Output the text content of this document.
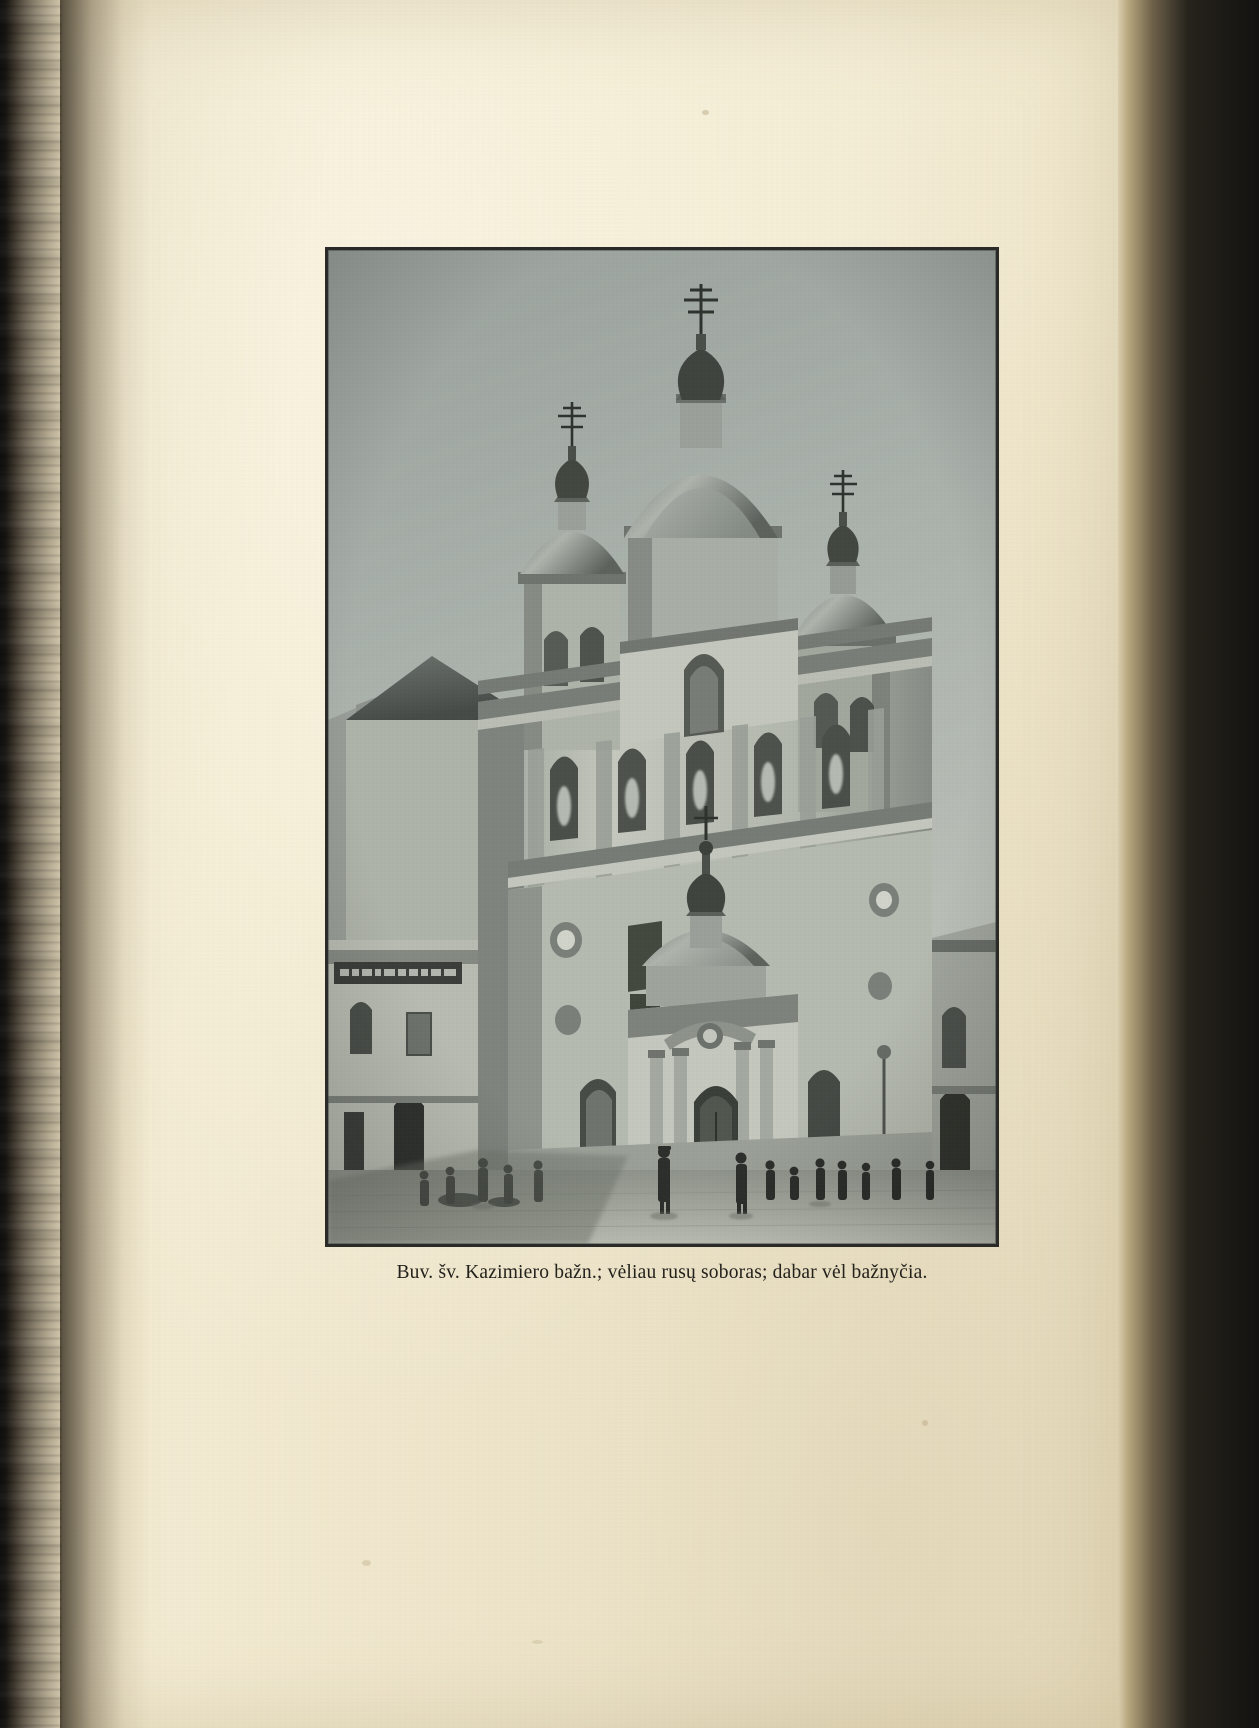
Buv. šv. Kazimiero bažn.; vėliau rusų soboras; dabar vėl bažnyčia.
